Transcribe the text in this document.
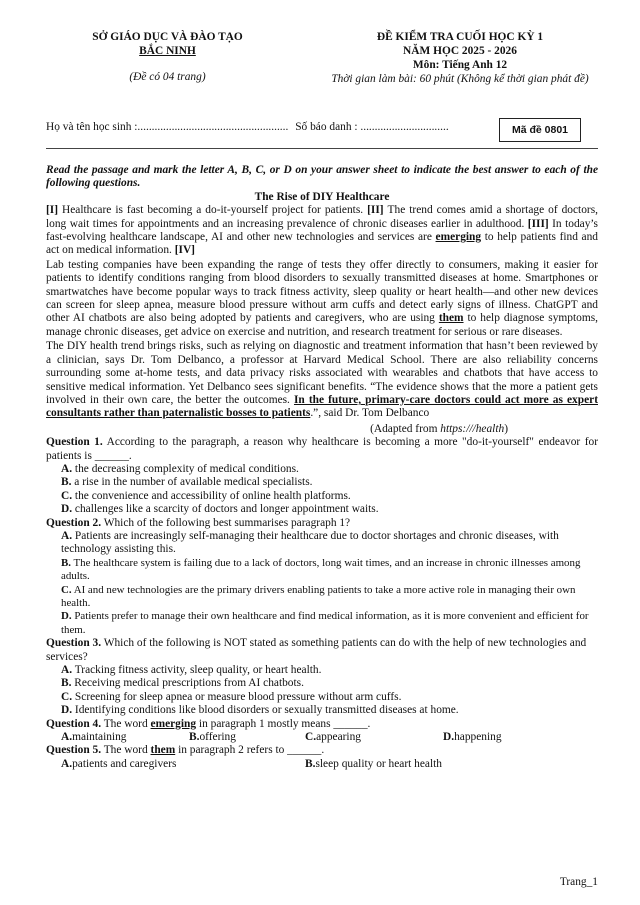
SỞ GIÁO DỤC VÀ ĐÀO TẠO
BẮC NINH
(Đề có 04 trang)
ĐỀ KIỂM TRA CUỐI HỌC KỲ 1
NĂM HỌC 2025 - 2026
Môn: Tiếng Anh 12
Thời gian làm bài: 60 phút (Không kể thời gian phát đề)
Họ và tên học sinh :..................................................... Số báo danh : ...............................	Mã đề 0801
Read the passage and mark the letter A, B, C, or D on your answer sheet to indicate the best answer to each of the following questions.
The Rise of DIY Healthcare
[I] Healthcare is fast becoming a do-it-yourself project for patients. [II] The trend comes amid a shortage of doctors, long wait times for appointments and an increasing prevalence of chronic diseases earlier in adulthood. [III] In today’s fast-evolving healthcare landscape, AI and other new technologies and services are emerging to help patients find and act on medical information. [IV]
Lab testing companies have been expanding the range of tests they offer directly to consumers, making it easier for patients to identify conditions ranging from blood disorders to sexually transmitted diseases at home. Smartphones or smartwatches have become popular ways to track fitness activity, sleep quality or heart health—and other new devices can screen for sleep apnea, measure blood pressure without arm cuffs and detect early signs of illness. ChatGPT and other AI chatbots are also being adopted by patients and caregivers, who are using them to help diagnose symptoms, manage chronic diseases, get advice on exercise and nutrition, and research treatment for serious or rare diseases.
The DIY health trend brings risks, such as relying on diagnostic and treatment information that hasn’t been reviewed by a clinician, says Dr. Tom Delbanco, a professor at Harvard Medical School. There are also reliability concerns surrounding some at-home tests, and data privacy risks associated with wearables and chatbots that have access to sensitive medical information. Yet Delbanco sees significant benefits. “The evidence shows that the more a patient gets involved in their own care, the better the outcomes. In the future, primary-care doctors could act more as expert consultants rather than paternalistic bosses to patients.”, said Dr. Tom Delbanco
(Adapted from https:///health)
Question 1. According to the paragraph, a reason why healthcare is becoming a more "do-it-yourself" endeavor for patients is ______.
A. the decreasing complexity of medical conditions.
B. a rise in the number of available medical specialists.
C. the convenience and accessibility of online health platforms.
D. challenges like a scarcity of doctors and longer appointment waits.
Question 2. Which of the following best summarises paragraph 1?
A. Patients are increasingly self-managing their healthcare due to doctor shortages and chronic diseases, with technology assisting this.
B. The healthcare system is failing due to a lack of doctors, long wait times, and an increase in chronic illnesses among adults.
C. AI and new technologies are the primary drivers enabling patients to take a more active role in managing their own health.
D. Patients prefer to manage their own healthcare and find medical information, as it is more convenient and efficient for them.
Question 3. Which of the following is NOT stated as something patients can do with the help of new technologies and services?
A. Tracking fitness activity, sleep quality, or heart health.
B. Receiving medical prescriptions from AI chatbots.
C. Screening for sleep apnea or measure blood pressure without arm cuffs.
D. Identifying conditions like blood disorders or sexually transmitted diseases at home.
Question 4. The word emerging in paragraph 1 mostly means ______.
A.maintaining	B.offering	C.appearing	D.happening
Question 5. The word them in paragraph 2 refers to ______.
A.patients and caregivers	B.sleep quality or heart health
Trang_1
